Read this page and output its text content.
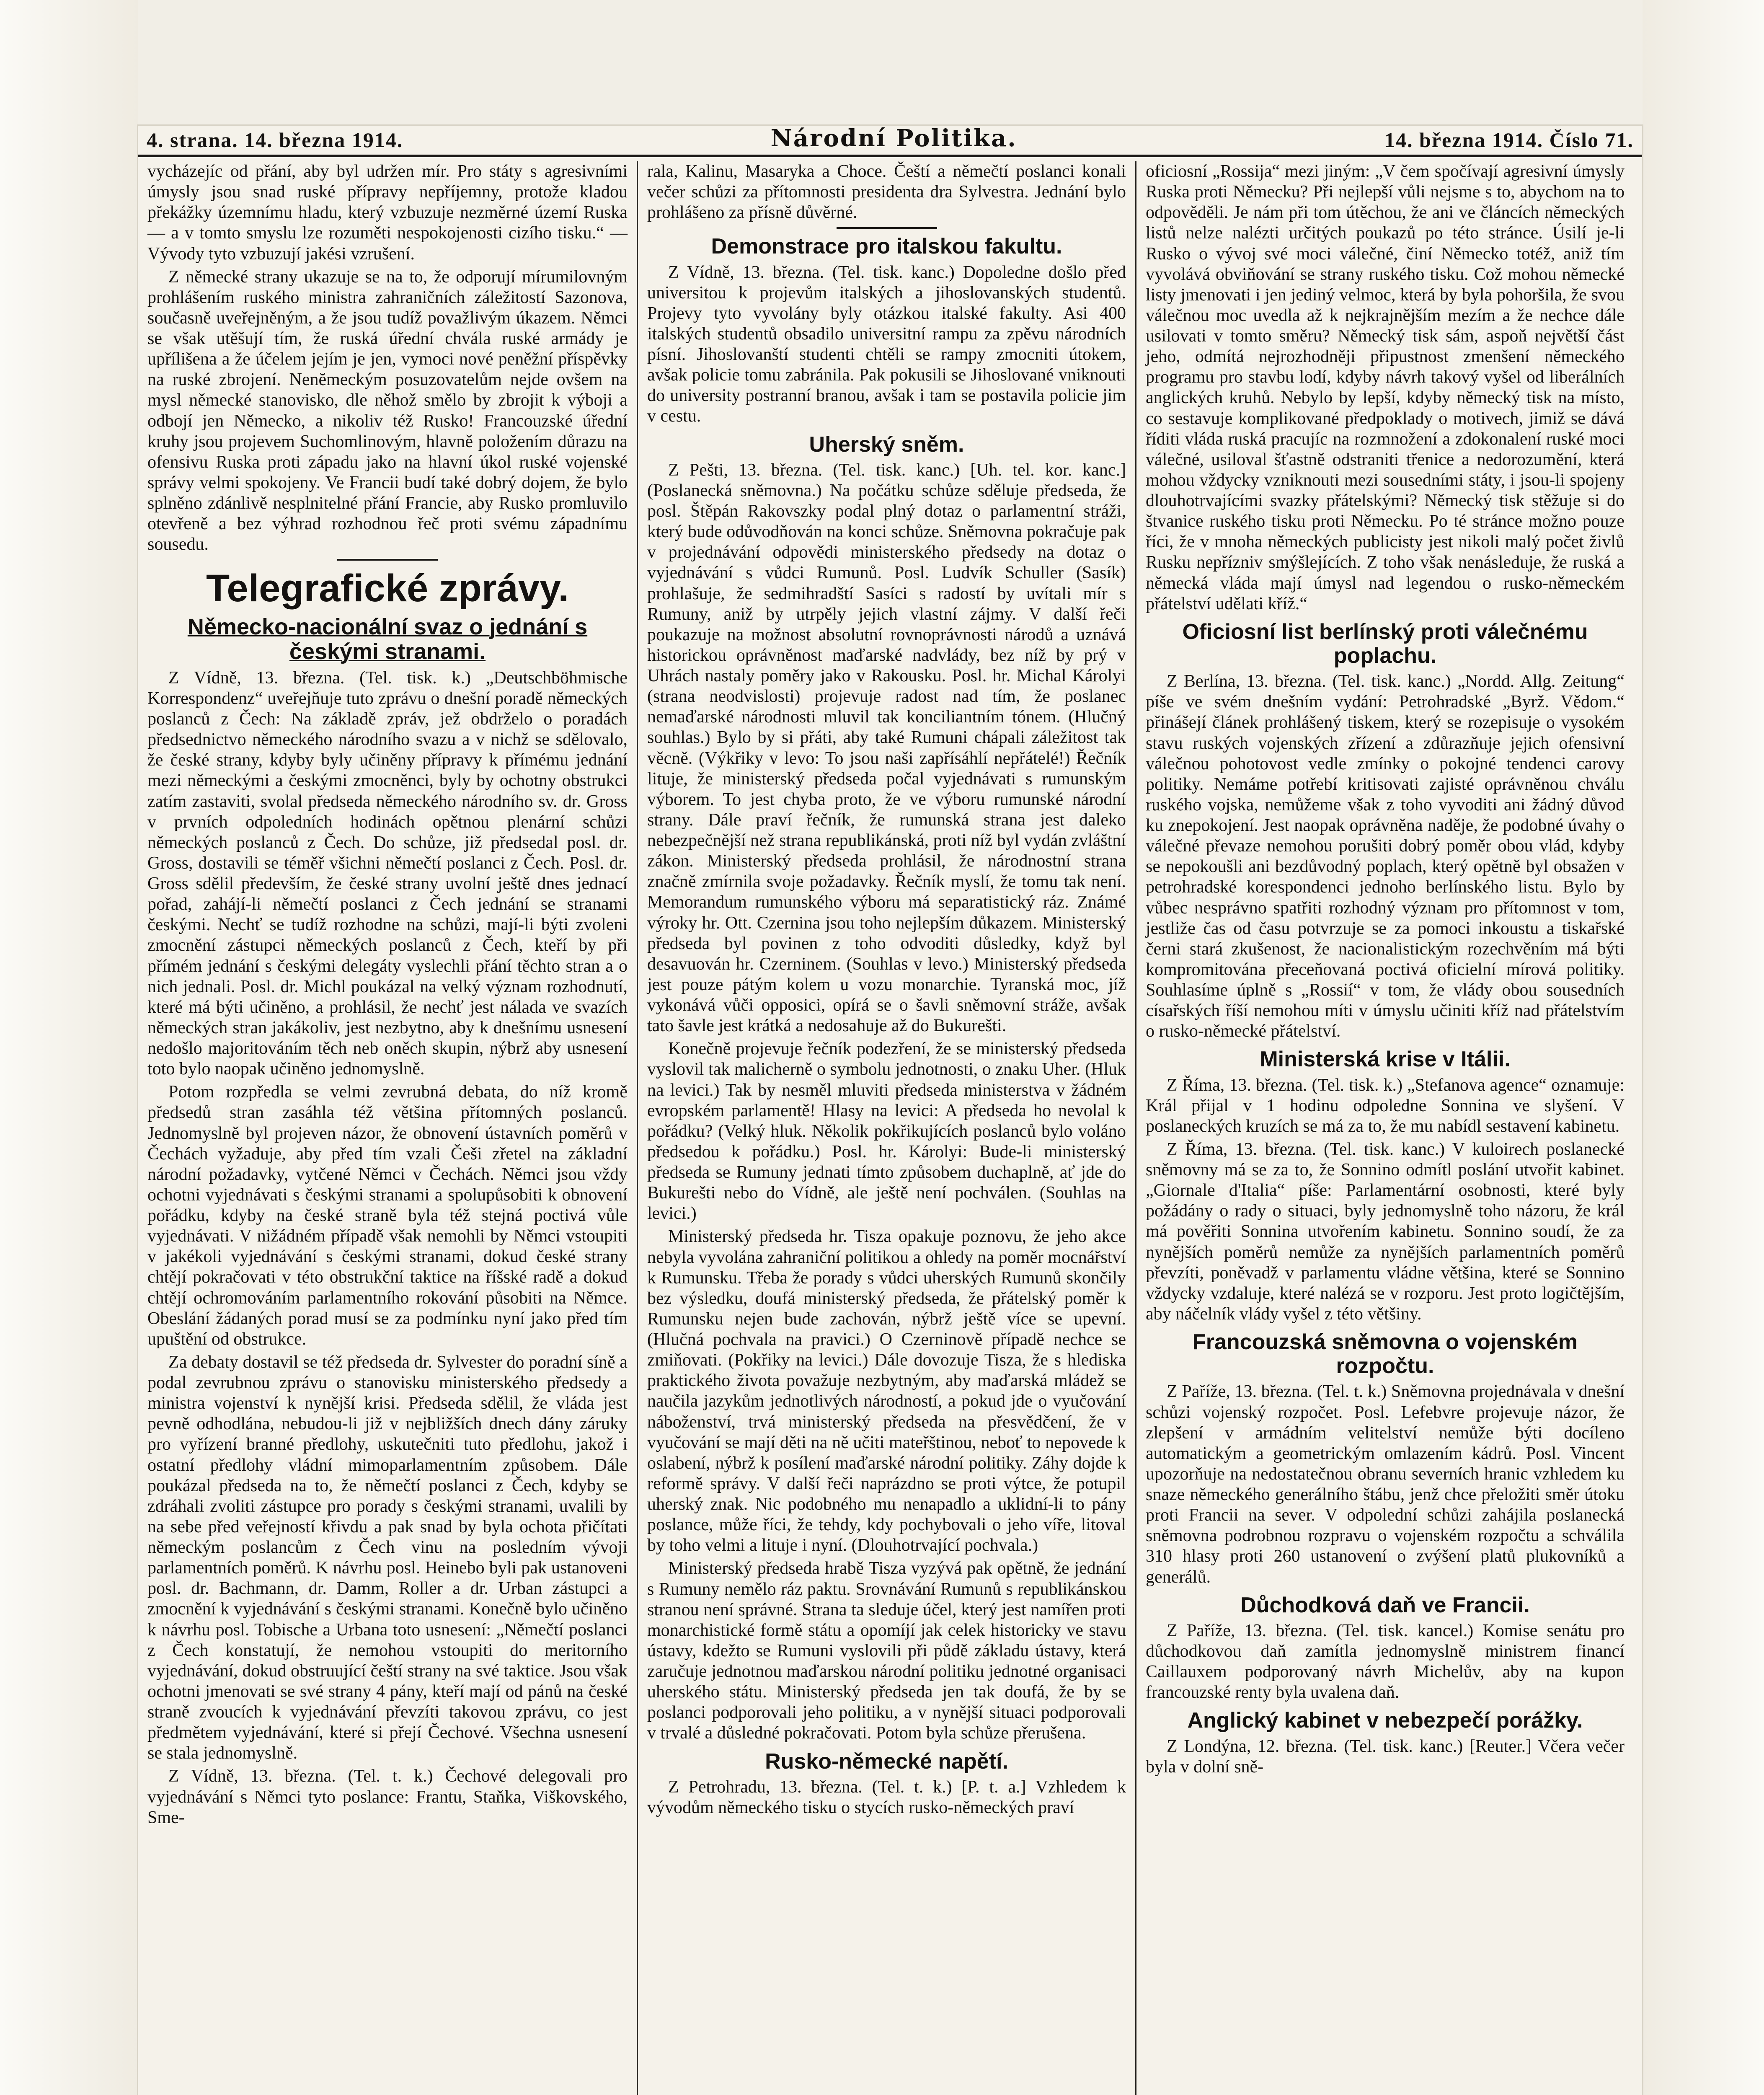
4. strana. 14. března 1914.	Národní Politika.	14. března 1914. Číslo 71.

vycházejíc od přání, aby byl udržen mír. Pro státy s agresivními úmysly jsou snad ruské přípravy nepříjemny, protože kladou překážky územnímu hladu, který vzbuzuje nezměrné území Ruska — a v tomto smyslu lze rozuměti nespokojenosti cizího tisku.“ — Vývody tyto vzbuzují jakési vzrušení.

Z německé strany ukazuje se na to, že odporují mírumilovným prohlášením ruského ministra zahraničních záležitostí Sazonova, současně uveřejněným, a že jsou tudíž považlivým úkazem. Němci se však utěšují tím, že ruská úřední chvála ruské armády je upřílišena a že účelem jejím je jen, vymoci nové peněžní příspěvky na ruské zbrojení. Nenĕmeckým posuzovatelům nejde ovšem na mysl německé stanovisko, dle něhož smělo by zbrojit k výboji a odbojí jen Německo, a nikoliv též Rusko! Francouzské úřední kruhy jsou projevem Suchomlinovým, hlavně položením důrazu na ofensivu Ruska proti západu jako na hlavní úkol ruské vojenské správy velmi spokojeny. Ve Francii budí také dobrý dojem, že bylo splněno zdánlivě nesplnitelné přání Francie, aby Rusko promluvilo otevřeně a bez výhrad rozhodnou řeč proti svému západnímu sousedu.

Telegrafické zprávy.
Německo-nacionální svaz o jednání s českými stranami.

Z Vídně, 13. března. (Tel. tisk. k.) „Deutschböhmische Korrespondenz“ uveřejňuje tuto zprávu o dnešní poradě německých poslanců z Čech: Na základě zpráv, jež obdrželo o poradách předsednictvo německého národního svazu a v nichž se sdělovalo, že české strany, kdyby byly učiněny přípravy k přímému jednání mezi německými a českými zmocněnci, byly by ochotny obstrukci zatím zastaviti, svolal předseda německého národního sv. dr. Gross v prvních odpoledních hodinách opětnou plenární schůzi německých poslanců z Čech. Do schůze, již předsedal posl. dr. Gross, dostavili se téměř všichni němečtí poslanci z Čech. Posl. dr. Gross sdělil především, že české strany uvolní ještě dnes jednací pořad, zahájí-li němečtí poslanci z Čech jednání se stranami českými. Nechť se tudíž rozhodne na schůzi, mají-li býti zvoleni zmocnění zástupci německých poslanců z Čech, kteří by při přímém jednání s českými delegáty vyslechli přání těchto stran a o nich jednali. Posl. dr. Michl poukázal na velký význam rozhodnutí, které má býti učiněno, a prohlásil, že nechť jest nálada ve svazích německých stran jakákoliv, jest nezbytno, aby k dnešnímu usnesení nedošlo majoritováním těch neb oněch skupin, nýbrž aby usnesení toto bylo naopak učiněno jednomyslně.

Potom rozpředla se velmi zevrubná debata, do níž kromě předsedů stran zasáhla též většina přítomných poslanců. Jednomyslně byl projeven názor, že obnovení ústavních poměrů v Čechách vyžaduje, aby před tím vzali Češi zřetel na základní národní požadavky, vytčené Němci v Čechách. Němci jsou vždy ochotni vyjednávati s českými stranami a spolupůsobiti k obnovení pořádku, kdyby na české straně byla též stejná poctivá vůle vyjednávati. V nižádném případě však nemohli by Němci vstoupiti v jakékoli vyjednávání s českými stranami, dokud české strany chtějí pokračovati v této obstrukční taktice na říšské radě a dokud chtějí ochromováním parlamentního rokování působiti na Němce. Obeslání žádaných porad musí se za podmínku nyní jako před tím upuštění od obstrukce.

Za debaty dostavil se též předseda dr. Sylvester do poradní síně a podal zevrubnou zprávu o stanovisku ministerského předsedy a ministra vojenství k nynější krisi. Předseda sdělil, že vláda jest pevně odhodlána, nebudou-li již v nejbližších dnech dány záruky pro vyřízení branné předlohy, uskutečniti tuto předlohu, jakož i ostatní předlohy vládní mimoparlamentním způsobem. Dále poukázal předseda na to, že němečtí poslanci z Čech, kdyby se zdráhali zvoliti zástupce pro porady s českými stranami, uvalili by na sebe před veřejností křivdu a pak snad by byla ochota přičítati německým poslancům z Čech vinu na posledním vývoji parlamentních poměrů. K návrhu posl. Heinebo byli pak ustanoveni posl. dr. Bachmann, dr. Damm, Roller a dr. Urban zástupci a zmocnění k vyjednávání s českými stranami. Konečně bylo učiněno k návrhu posl. Tobische a Urbana toto usnesení: „Němečtí poslanci z Čech konstatují, že nemohou vstoupiti do meritorního vyjednávání, dokud obstruující čeští strany na své taktice. Jsou však ochotni jmenovati se své strany 4 pány, kteří mají od pánů na české straně zvoucích k vyjednávání převzíti takovou zprávu, co jest předmětem vyjednávání, které si přejí Čechové. Všechna usnesení se stala jednomyslně.

Z Vídně, 13. března. (Tel. t. k.) Čechové delegovali pro vyjednávání s Němci tyto poslance: Frantu, Staňka, Viškovského, Sme-

rala, Kalinu, Masaryka a Choce. Čeští a němečtí poslanci konali večer schůzi za přítomnosti presidenta dra Sylvestra. Jednání bylo prohlášeno za přísně důvěrné.

Demonstrace pro italskou fakultu.

Z Vídně, 13. března. (Tel. tisk. kanc.) Dopoledne došlo před universitou k projevům italských a jihoslovanských studentů. Projevy tyto vyvolány byly otázkou italské fakulty. Asi 400 italských studentů obsadilo universitní rampu za zpěvu národních písní. Jihoslovanští studenti chtěli se rampy zmocniti útokem, avšak policie tomu zabránila. Pak pokusili se Jihoslované vniknouti do university postranní branou, avšak i tam se postavila policie jim v cestu.

Uherský sněm.

Z Pešti, 13. března. (Tel. tisk. kanc.) [Uh. tel. kor. kanc.] (Poslanecká sněmovna.) Na počátku schůze sděluje předseda, že posl. Štěpán Rakovszky podal plný dotaz o parlamentní stráži, který bude odůvodňován na konci schůze. Sněmovna pokračuje pak v projednávání odpovědi ministerského předsedy na dotaz o vyjednávání s vůdci Rumunů. Posl. Ludvík Schuller (Sasík) prohlašuje, že sedmihradští Sasíci s radostí by uvítali mír s Rumuny, aniž by utrpěly jejich vlastní zájmy. V další řeči poukazuje na možnost absolutní rovnoprávnosti národů a uznává historickou oprávněnost maďarské nadvlády, bez níž by prý v Uhrách nastaly poměry jako v Rakousku. Posl. hr. Michal Károlyi (strana neodvislosti) projevuje radost nad tím, že poslanec nemaďarské národnosti mluvil tak konciliantním tónem. (Hlučný souhlas.) Bylo by si přáti, aby také Rumuni chápali záležitost tak věcně. (Výkřiky v levo: To jsou naši zapřísáhlí nepřátelé!) Řečník lituje, že ministerský předseda počal vyjednávati s rumunským výborem. To jest chyba proto, že ve výboru rumunské národní strany. Dále praví řečník, že rumunská strana jest daleko nebezpečnější než strana republikánská, proti níž byl vydán zvláštní zákon. Ministerský předseda prohlásil, že národnostní strana značně zmírnila svoje požadavky. Řečník myslí, že tomu tak není. Memorandum rumunského výboru má separatistický ráz. Známé výroky hr. Ott. Czernina jsou toho nejlepším důkazem. Ministerský předseda byl povinen z toho odvoditi důsledky, když byl desavuován hr. Czerninem. (Souhlas v levo.) Ministerský předseda jest pouze pátým kolem u vozu monarchie. Tyranská moc, jíž vykonává vůči opposici, opírá se o šavli sněmovní stráže, avšak tato šavle jest krátká a nedosahuje až do Bukurešti.

Konečně projevuje řečník podezření, že se ministerský předseda vyslovil tak malicherně o symbolu jednotnosti, o znaku Uher. (Hluk na levici.) Tak by nesměl mluviti předseda ministerstva v žádném evropském parlamentě! Hlasy na levici: A předseda ho nevolal k pořádku? (Velký hluk. Několik pokřikujících poslanců bylo voláno předsedou k pořádku.) Posl. hr. Károlyi: Bude-li ministerský předseda se Rumuny jednati tímto způsobem duchaplně, ať jde do Bukurešti nebo do Vídně, ale ještě není pochválen. (Souhlas na levici.)

Ministerský předseda hr. Tisza opakuje poznovu, že jeho akce nebyla vyvolána zahraniční politikou a ohledy na poměr mocnářství k Rumunsku. Třeba že porady s vůdci uherských Rumunů skončily bez výsledku, doufá ministerský předseda, že přátelský poměr k Rumunsku nejen bude zachován, nýbrž ještě více se upevní. (Hlučná pochvala na pravici.) O Czerninově případě nechce se zmiňovati. (Pokřiky na levici.) Dále dovozuje Tisza, že s hlediska praktického života považuje nezbytným, aby maďarská mládež se naučila jazykům jednotlivých národností, a pokud jde o vyučování náboženství, trvá ministerský předseda na přesvědčení, že v vyučování se mají děti na ně učiti mateřštinou, neboť to nepovede k oslabení, nýbrž k posílení maďarské národní politiky. Záhy dojde k reformě správy. V další řeči naprázdno se proti výtce, že potupil uherský znak. Nic podobného mu nenapadlo a uklidní-li to pány poslance, může říci, že tehdy, kdy pochybovali o jeho víře, litoval by toho velmi a lituje i nyní. (Dlouhotrvající pochvala.)

Ministerský předseda hrabě Tisza vyzývá pak opětně, že jednání s Rumuny nemělo ráz paktu. Srovnávání Rumunů s republikánskou stranou není správné. Strana ta sleduje účel, který jest namířen proti monarchistické formě státu a opomíjí jak celek historicky ve stavu ústavy, kdežto se Rumuni vyslovili při půdě základu ústavy, která zaručuje jednotnou maďarskou národní politiku jednotné organisaci uherského státu. Ministerský předseda jen tak doufá, že by se poslanci podporovali jeho politiku, a v nynější situaci podporovali v trvalé a důsledné pokračovati. Potom byla schůze přerušena.

Rusko-německé napětí.

Z Petrohradu, 13. března. (Tel. t. k.) [P. t. a.] Vzhledem k vývodům německého tisku o stycích rusko-německých praví

oficiosní „Rossija“ mezi jiným: „V čem spočívají agresivní úmysly Ruska proti Německu? Při nejlepší vůli nejsme s to, abychom na to odpověděli. Je nám při tom útěchou, že ani ve článcích německých listů nelze nalézti určitých poukazů po této stránce. Úsilí je-li Rusko o vývoj své moci válečné, činí Německo totéž, aniž tím vyvolává obviňování se strany ruského tisku. Což mohou německé listy jmenovati i jen jediný velmoc, která by byla pohoršila, že svou válečnou moc uvedla až k nejkrajnějším mezím a že nechce dále usilovati v tomto směru? Německý tisk sám, aspoň největší část jeho, odmítá nejrozhodněji připustnost zmenšení německého programu pro stavbu lodí, kdyby návrh takový vyšel od liberálních anglických kruhů. Nebylo by lepší, kdyby německý tisk na místo, co sestavuje komplikované předpoklady o motivech, jimiž se dává říditi vláda ruská pracujíc na rozmnožení a zdokonalení ruské moci válečné, usiloval šťastně odstraniti třenice a nedorozumění, která mohou vždycky vzniknouti mezi sousedními státy, i jsou-li spojeny dlouhotrvajícími svazky přátelskými? Německý tisk stěžuje si do štvanice ruského tisku proti Německu. Po té stránce možno pouze říci, že v mnoha německých publicisty jest nikoli malý počet živlů Rusku nepřízniv smýšlejících. Z toho však nenásleduje, že ruská a německá vláda mají úmysl nad legendou o rusko-německém přátelství udělati kříž.“

Oficiosní list berlínský proti válečnému poplachu.

Z Berlína, 13. března. (Tel. tisk. kanc.) „Nordd. Allg. Zeitung“ píše ve svém dnešním vydání: Petrohradské „Byrž. Vědom.“ přinášejí článek prohlášený tiskem, který se rozepisuje o vysokém stavu ruských vojenských zřízení a zdůrazňuje jejich ofensivní válečnou pohotovost vedle zmínky o pokojné tendenci carovy politiky. Nemáme potřebí kritisovati zajisté oprávněnou chválu ruského vojska, nemůžeme však z toho vyvoditi ani žádný důvod ku znepokojení. Jest naopak oprávněna naděje, že podobné úvahy o válečné převaze nemohou porušiti dobrý poměr obou vlád, kdyby se nepokoušli ani bezdůvodný poplach, který opětně byl obsažen v petrohradské korespondenci jednoho berlínského listu. Bylo by vůbec nesprávno spatřiti rozhodný význam pro přítomnost v tom, jestliže čas od času potvrzuje se za pomoci inkoustu a tiskařské černi stará zkušenost, že nacionalistickým rozechvěním má býti kompromitována přeceňovaná poctivá oficielní mírová politiky. Souhlasíme úplně s „Rossií“ v tom, že vlády obou sousedních císařských říší nemohou míti v úmyslu učiniti kříž nad přátelstvím o rusko-německé přátelství.

Ministerská krise v Itálii.

Z Říma, 13. března. (Tel. tisk. k.) „Stefanova agence“ oznamuje: Král přijal v 1 hodinu odpoledne Sonnina ve slyšení. V poslaneckých kruzích se má za to, že mu nabídl sestavení kabinetu.

Z Říma, 13. března. (Tel. tisk. kanc.) V kuloirech poslanecké sněmovny má se za to, že Sonnino odmítl poslání utvořit kabinet. „Giornale d'Italia“ píše: Parlamentární osobnosti, které byly požádány o rady o situaci, byly jednomyslně toho názoru, že král má pověřiti Sonnina utvořením kabinetu. Sonnino soudí, že za nynějších poměrů nemůže za nynějších parlamentních poměrů převzíti, poněvadž v parlamentu vládne většina, které se Sonnino vždycky vzdaluje, které nalézá se v rozporu. Jest proto logičtějším, aby náčelník vlády vyšel z této většiny.

Francouzská sněmovna o vojenském rozpočtu.

Z Paříže, 13. března. (Tel. t. k.) Sněmovna projednávala v dnešní schůzi vojenský rozpočet. Posl. Lefebvre projevuje názor, že zlepšení v armádním velitelství nemůže býti docíleno automatickým a geometrickým omlazením kádrů. Posl. Vincent upozorňuje na nedostatečnou obranu severních hranic vzhledem ku snaze německého generálního štábu, jenž chce přeložiti směr útoku proti Francii na sever. V odpolední schůzi zahájila poslanecká sněmovna podrobnou rozpravu o vojenském rozpočtu a schválila 310 hlasy proti 260 ustanovení o zvýšení platů plukovníků a generálů.

Důchodková daň ve Francii.

Z Paříže, 13. března. (Tel. tisk. kancel.) Komise senátu pro důchodkovou daň zamítla jednomyslně ministrem financí Caillauxem podporovaný návrh Michelův, aby na kupon francouzské renty byla uvalena daň.

Anglický kabinet v nebezpečí porážky.

Z Londýna, 12. března. (Tel. tisk. kanc.) [Reuter.] Včera večer byla v dolní sně-
